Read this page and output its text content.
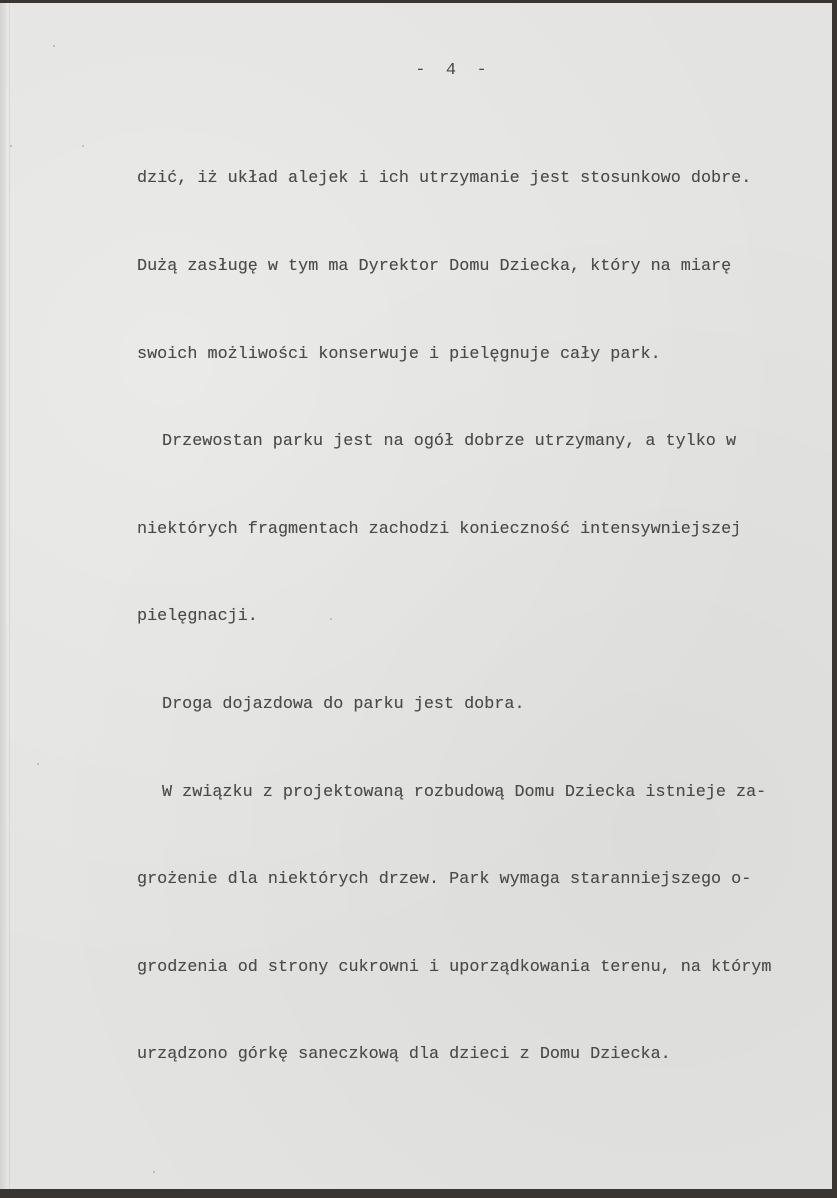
-  4  -

dzić, iż układ alejek i ich utrzymanie jest stosunkowo dobre.

Dużą zasługę w tym ma Dyrektor Domu Dziecka, który na miarę

swoich możliwości konserwuje i pielęgnuje cały park.

Drzewostan parku jest na ogół dobrze utrzymany, a tylko w

niektórych fragmentach zachodzi konieczność intensywniejszej

pielęgnacji.

Droga dojazdowa do parku jest dobra.

W związku z projektowaną rozbudową Domu Dziecka istnieje za-

grożenie dla niektórych drzew. Park wymaga staranniejszego o-

grodzenia od strony cukrowni i uporządkowania terenu, na którym

urządzono górkę saneczkową dla dzieci z Domu Dziecka.
